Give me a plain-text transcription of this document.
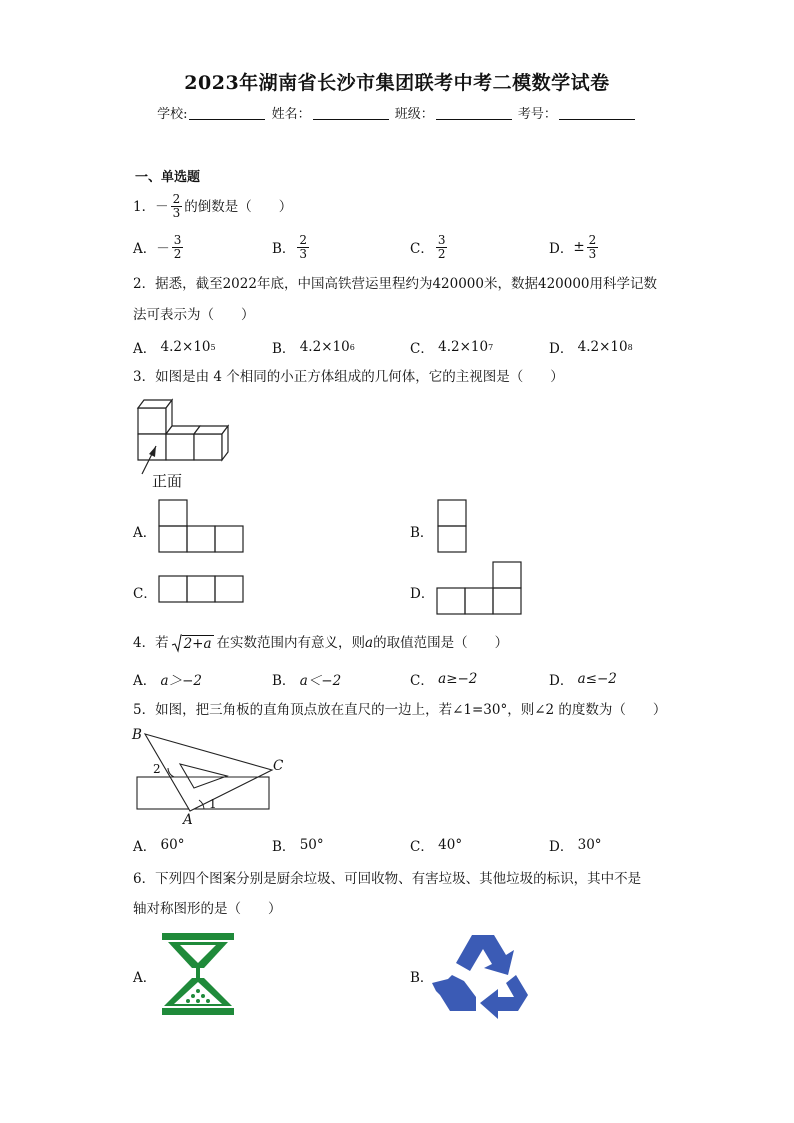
2023年湖南省长沙市集团联考中考二模数学试卷
学校:	姓名：	班级：	考号：
一、单选题
1．－ $\frac{2}{3}$ 的倒数是（　　）
A． － $\frac{3}{2}$	B． $\frac{2}{3}$	C． $\frac{3}{2}$	D． ± $\frac{2}{3}$
2．据悉，截至2022年底，中国高铁营运里程约为420000米，数据420000用科学记数
法可表示为（　　）
A．
4.2×10 5	B．
4.2×10 6	C．
4.2×10 7	D．
4.2×10 8
3．如图是由 4 个相同的小正方体组成的几何体，它的主视图是（　　）
正面
A．	B．
C．	D．
4．若 2+a 在实数范围内有意义，则 a 的取值范围是（　　）
A．
a＞−2	B．
a＜−2	C．
a≥−2	D．
a≤−2
5．如图，把三角板的直角顶点放在直尺的一边上，若∠1=30°，则∠2 的度数为（　　）
B
C
A
1
2
A．
60°	B．
50°	C．
40°	D．
30°
6．下列四个图案分别是厨余垃圾、可回收物、有害垃圾、其他垃圾的标识，其中不是
轴对称图形的是（　　）
A．	B．
